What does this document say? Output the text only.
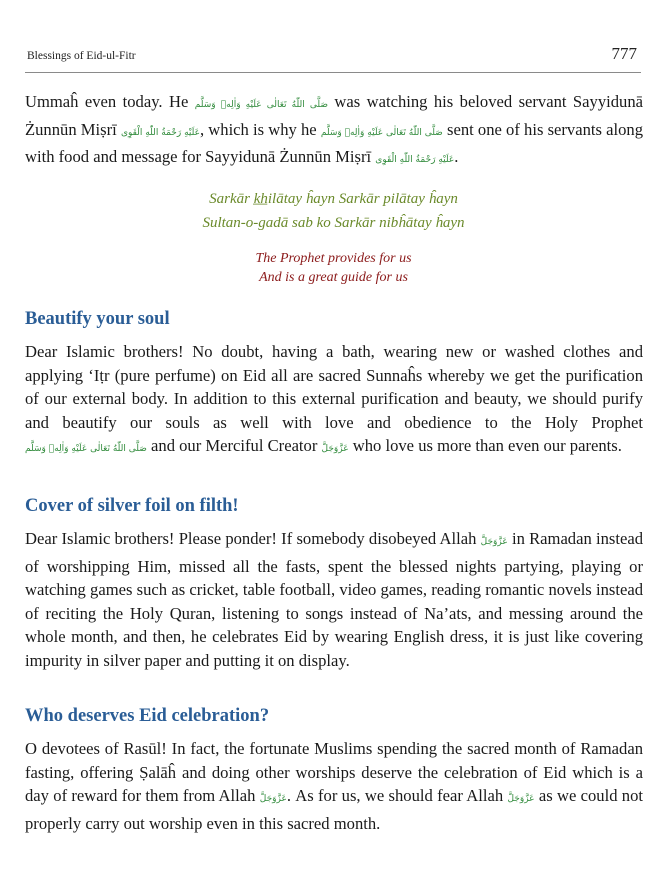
Blessings of Eid-ul-Fitr	777

Ummaĥ even today. He صَلَّى اللّٰهُ تَعَالٰی عَلَيْهِ وَاٰلِهٖ وَسَلَّم was watching his beloved servant Sayyidunā Żunnūn Miṣrī عَلَيْهِ رَحْمَةُ اللّٰهِ الْقَوِى, which is why he صَلَّى اللّٰهُ تَعَالٰی عَلَيْهِ وَاٰلِهٖ وَسَلَّم sent one of his servants along with food and message for Sayyidunā Żunnūn Miṣrī عَلَيْهِ رَحْمَةُ اللّٰهِ الْقَوِى.

Sarkār k̲h̲ilātay ĥayn Sarkār pilātay ĥayn
Sultan-o-gadā sab ko Sarkār nibĥātay ĥayn
The Prophet provides for us
And is a great guide for us
Beautify your soul

Dear Islamic brothers! No doubt, having a bath, wearing new or washed clothes and applying ‘Iṭr (pure perfume) on Eid all are sacred Sunnaĥs whereby we get the purification of our external body. In addition to this external purification and beauty, we should purify and beautify our souls as well with love and obedience to the Holy Prophet صَلَّى اللّٰهُ تَعَالٰی عَلَيْهِ وَاٰلِهٖ وَسَلَّم and our Merciful Creator عَزَّوَجَلَّ who love us more than even our parents.

Cover of silver foil on filth!

Dear Islamic brothers! Please ponder! If somebody disobeyed Allah عَزَّوَجَلَّ in Ramadan instead of worshipping Him, missed all the fasts, spent the blessed nights partying, playing or watching games such as cricket, table football, video games, reading romantic novels instead of reciting the Holy Quran, listening to songs instead of Na’ats, and messing around the whole month, and then, he celebrates Eid by wearing English dress, it is just like covering impurity in silver paper and putting it on display.

Who deserves Eid celebration?

O devotees of Rasūl! In fact, the fortunate Muslims spending the sacred month of Ramadan fasting, offering Ṣalāĥ and doing other worships deserve the celebration of Eid which is a day of reward for them from Allah عَزَّوَجَلَّ. As for us, we should fear Allah عَزَّوَجَلَّ as we could not properly carry out worship even in this sacred month.
